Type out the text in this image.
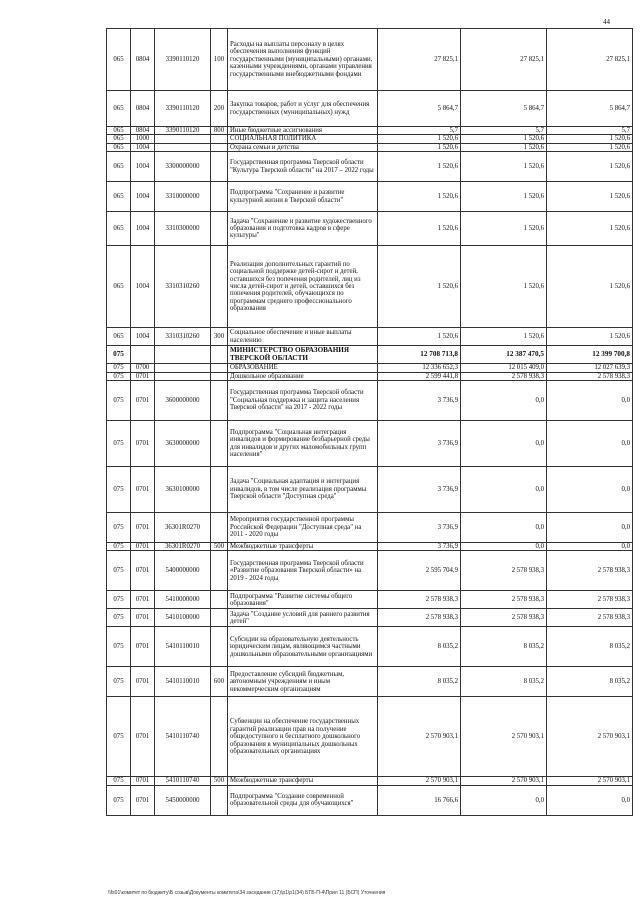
44
065	0804	3390110120	100	Расходы на выплаты персоналу в целях обеспечения выполнения функций государственными (муниципальными) органами, казенными учреждениями, органами управления государственными внебюджетными фондами	27 825,1	27 825,1	27 825,1
065	0804	3390110120	200	Закупка товаров, работ и услуг для обеспечения государственных (муниципальных) нужд	5 864,7	5 864,7	5 864,7
065	0804	3390110120	800	Иные бюджетные ассигнования	5,7	5,7	5,7
065	1000			СОЦИАЛЬНАЯ ПОЛИТИКА	1 520,6	1 520,6	1 520,6
065	1004			Охрана семьи и детства	1 520,6	1 520,6	1 520,6
065	1004	3300000000		Государственная программа Тверской области "Культура Тверской области" на 2017 – 2022 годы	1 520,6	1 520,6	1 520,6
065	1004	3310000000		Подпрограмма "Сохранение и развитие культурной жизни в Тверской области"	1 520,6	1 520,6	1 520,6
065	1004	3310300000		Задача "Сохранение и развитие художественного образования и подготовка кадров в сфере культуры"	1 520,6	1 520,6	1 520,6
065	1004	3310310260		Реализация дополнительных гарантий по социальной поддержке детей-сирот и детей, оставшихся без попечения родителей, лиц из числа детей-сирот и детей, оставшихся без попечения родителей, обучающихся по программам среднего профессионального образования	1 520,6	1 520,6	1 520,6
065	1004	3310310260	300	Социальное обеспечение и иные выплаты населению	1 520,6	1 520,6	1 520,6
075				МИНИСТЕРСТВО ОБРАЗОВАНИЯ ТВЕРСКОЙ ОБЛАСТИ	12 708 713,8	12 387 470,5	12 399 700,8
075	0700			ОБРАЗОВАНИЕ	12 336 652,3	12 015 409,0	12 027 639,3
075	0701			Дошкольное образование	2 599 441,8	2 578 938,3	2 578 938,3
075	0701	3600000000		Государственная программа Тверской области "Социальная поддержка и защита населения Тверской области" на 2017 - 2022 годы	3 736,9	0,0	0,0
075	0701	3630000000		Подпрограмма "Социальная интеграция инвалидов и формирование безбарьерной среды для инвалидов и других маломобильных групп населения"	3 736,9	0,0	0,0
075	0701	3630100000		Задача "Социальная адаптация и интеграция инвалидов, в том числе реализация программы Тверской области "Доступная среда"	3 736,9	0,0	0,0
075	0701	36301R0270		Мероприятия государственной программы Российской Федерации "Доступная среда" на 2011 - 2020 годы	3 736,9	0,0	0,0
075	0701	36301R0270	500	Межбюджетные трансферты	3 736,9	0,0	0,0
075	0701	5400000000		Государственная программа Тверской области «Развитие образования Тверской области» на 2019 - 2024 годы	2 595 704,9	2 578 938,3	2 578 938,3
075	0701	5410000000		Подпрограмма "Развитие системы общего образования"	2 578 938,3	2 578 938,3	2 578 938,3
075	0701	5410100000		Задача "Создание условий для раннего развития детей"	2 578 938,3	2 578 938,3	2 578 938,3
075	0701	5410110010		Субсидии на образовательную деятельность юридическим лицам, являющимся частными дошкольными образовательными организациями	8 035,2	8 035,2	8 035,2
075	0701	5410110010	600	Предоставление субсидий бюджетным, автономным учреждениям и иным некоммерческим организациям	8 035,2	8 035,2	8 035,2
075	0701	5410110740		Субвенции на обеспечение государственных гарантий реализации прав на получение общедоступного и бесплатного дошкольного образования в муниципальных дошкольных образовательных организациях	2 570 903,1	2 570 903,1	2 570 903,1
075	0701	5410110740	500	Межбюджетные трансферты	2 570 903,1	2 570 903,1	2 570 903,1
075	0701	5450000000		Подпрограмма "Создание современной образовательной среды для обучающихся"	16 766,6	0,0	0,0
\\fs01\комитет по бюджету\Б созыв\Документы комитета\34 заседание (17)\р1\р1(34) БТБ-П-4\Прил 11 (БСП) Уточнения
